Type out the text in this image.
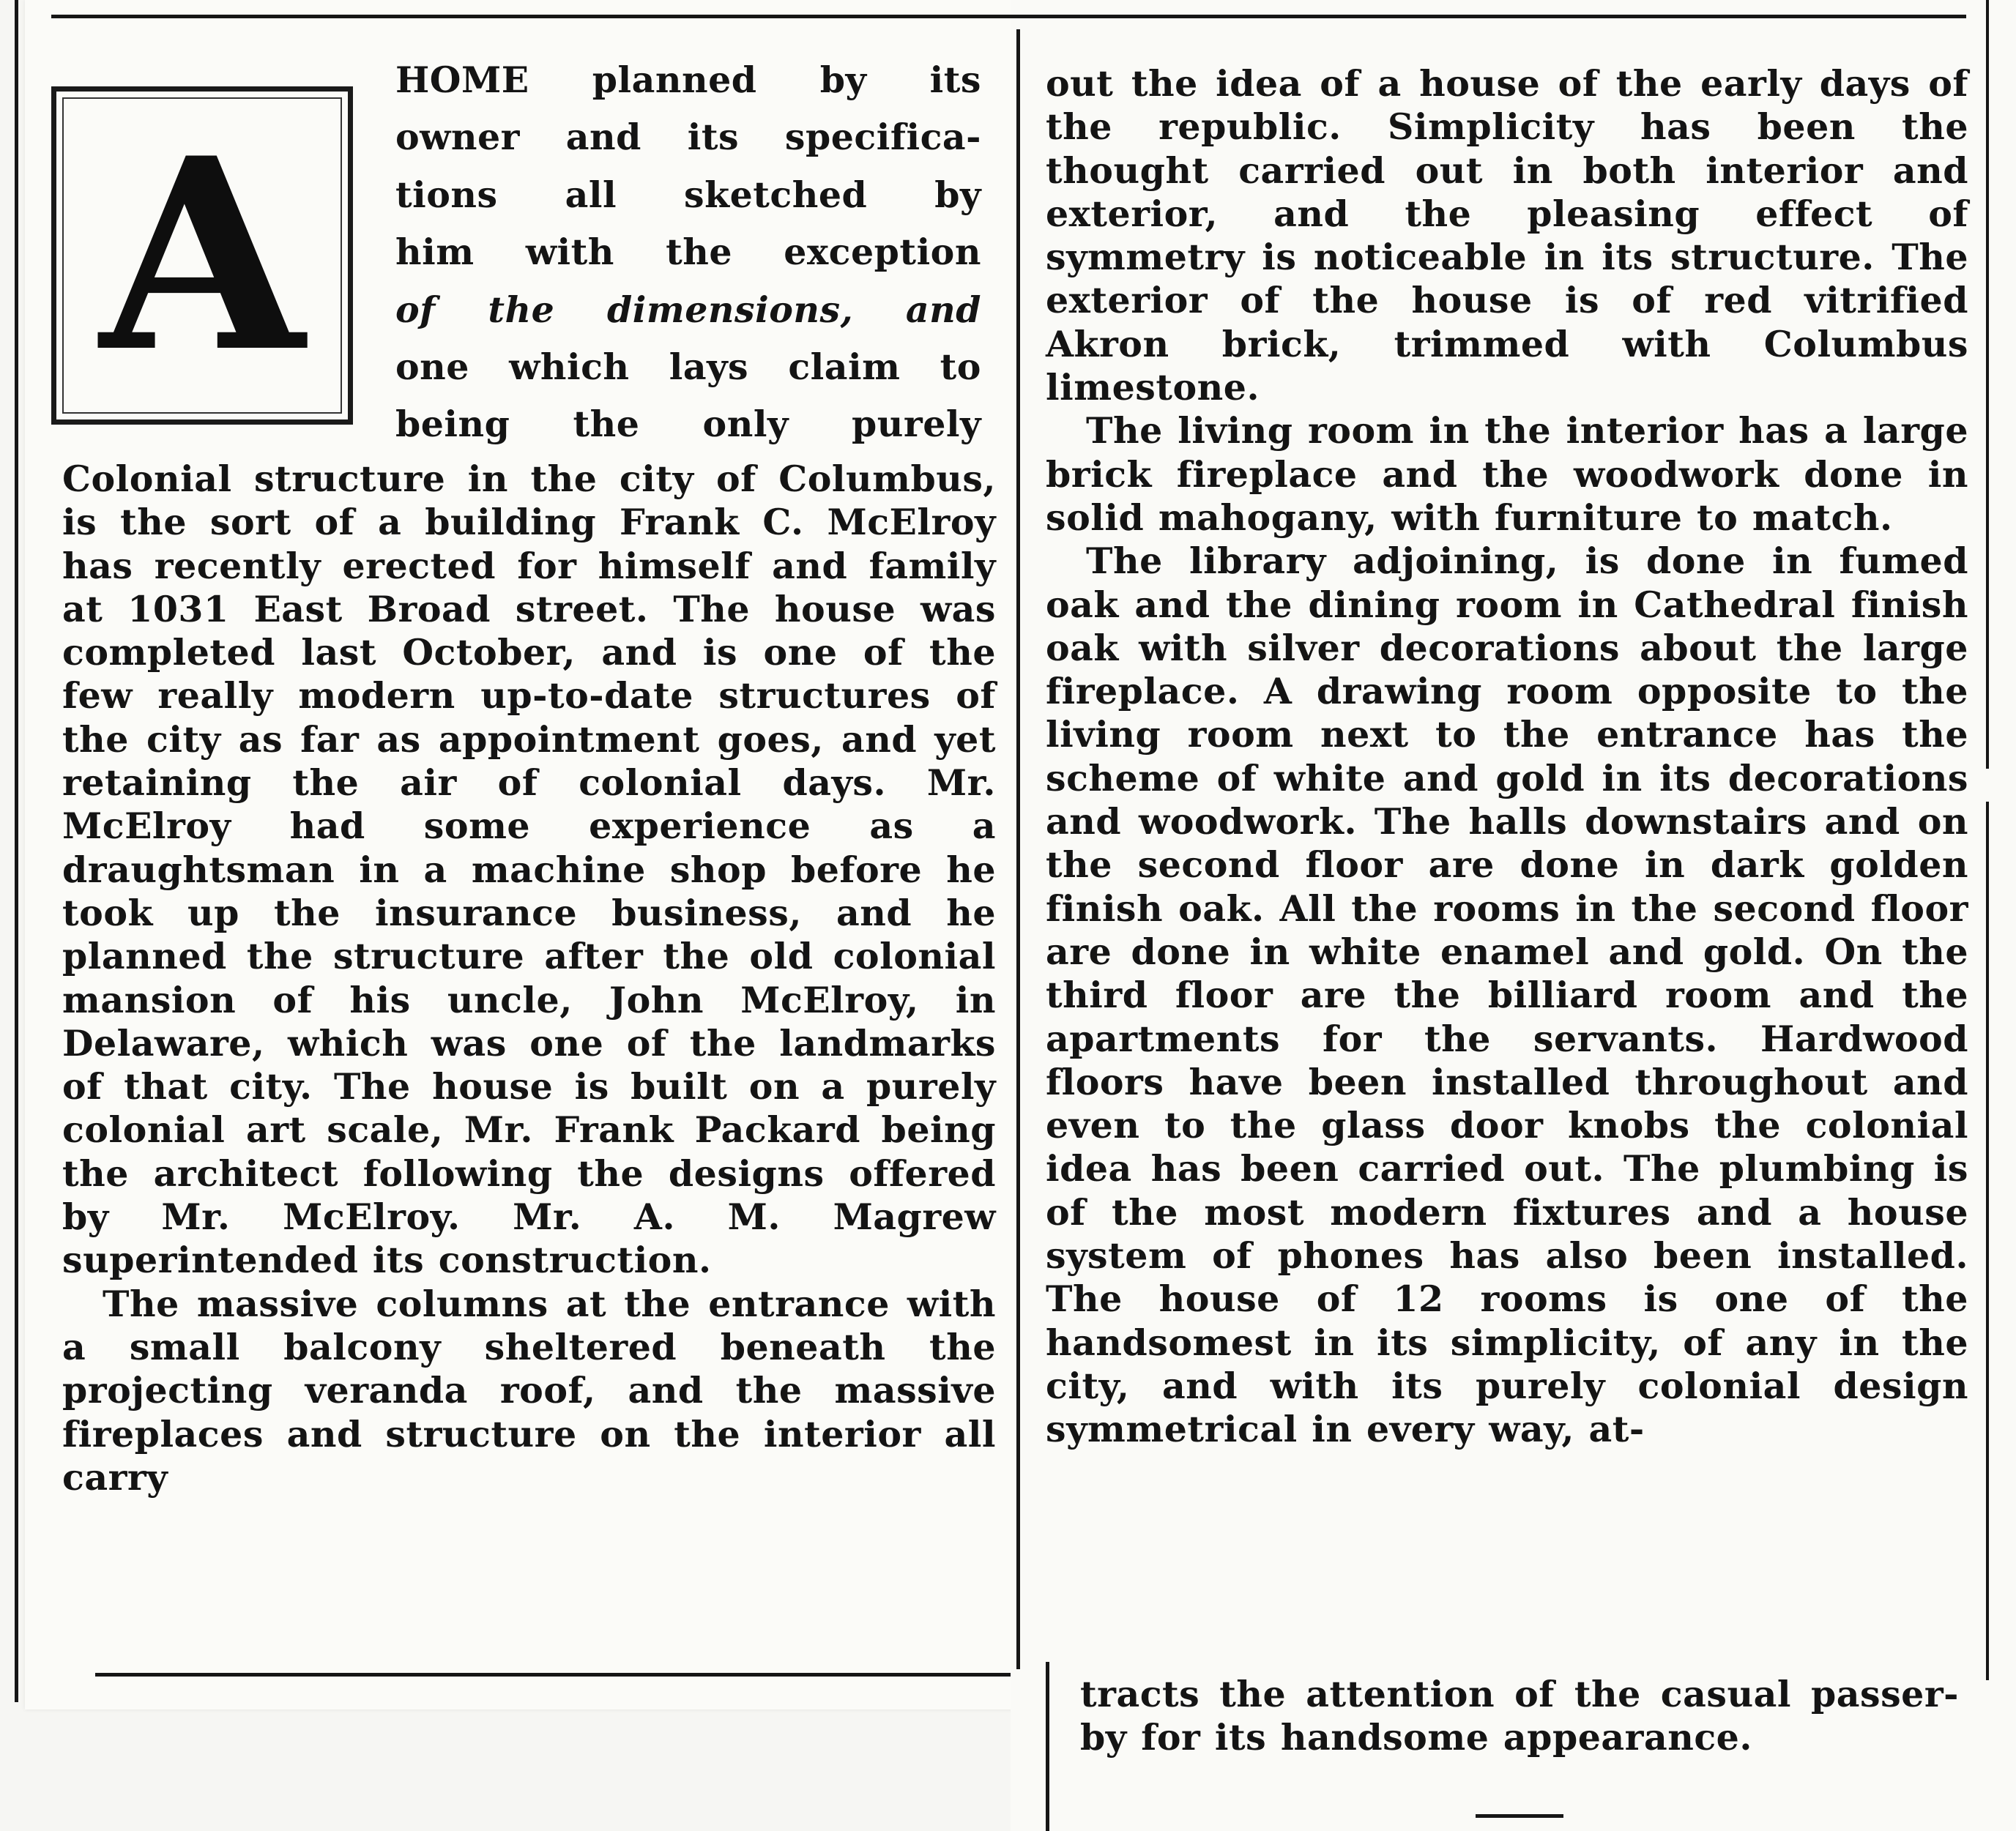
A
HOME planned by its
owner and its specifica-
tions all sketched by
him with the exception
of the dimensions, and
one which lays claim to
being the only purely

Colonial structure in the city of Columbus, is the sort of a building Frank C. McElroy has recently erected for himself and family at 1031 East Broad street. The house was completed last October, and is one of the few really modern up-to-date structures of the city as far as appointment goes, and yet retaining the air of colonial days. Mr. McElroy had some experience as a draughtsman in a machine shop before he took up the insurance business, and he planned the structure after the old colonial mansion of his uncle, John McElroy, in Delaware, which was one of the landmarks of that city. The house is built on a purely colonial art scale, Mr. Frank Packard being the architect following the designs offered by Mr. McElroy. Mr. A. M. Magrew superintended its construction.

The massive columns at the entrance with a small balcony sheltered beneath the projecting veranda roof, and the massive fireplaces and structure on the interior all carry

out the idea of a house of the early days of the republic. Simplicity has been the thought carried out in both interior and exterior, and the pleasing effect of symmetry is noticeable in its structure. The exterior of the house is of red vitrified Akron brick, trimmed with Columbus limestone.

The living room in the interior has a large brick fireplace and the woodwork done in solid mahogany, with furniture to match.

The library adjoining, is done in fumed oak and the dining room in Cathedral finish oak with silver decorations about the large fireplace. A drawing room opposite to the living room next to the entrance has the scheme of white and gold in its decorations and woodwork. The halls downstairs and on the second floor are done in dark golden finish oak. All the rooms in the second floor are done in white enamel and gold. On the third floor are the billiard room and the apartments for the servants. Hardwood floors have been installed throughout and even to the glass door knobs the colonial idea has been carried out. The plumbing is of the most modern fixtures and a house system of phones has also been installed. The house of 12 rooms is one of the handsomest in its simplicity, of any in the city, and with its purely colonial design symmetrical in every way, at-

tracts the attention of the casual passer-by for its handsome appearance.
